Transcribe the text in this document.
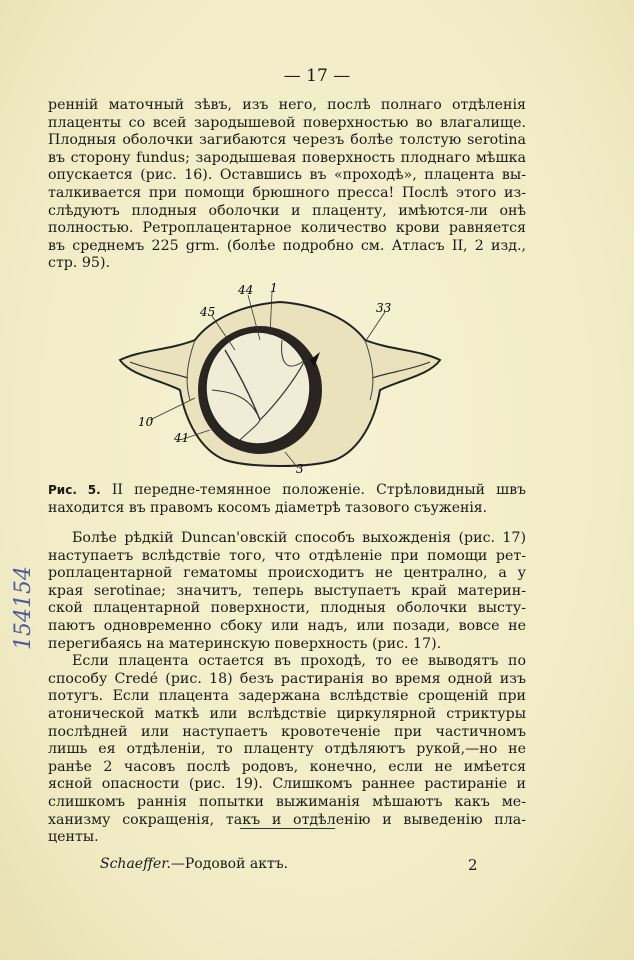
— 17 —
ренній маточный зѣвъ, изъ него, послѣ полнаго отдѣленія
плаценты со всей зародышевой поверхностью во влагалище.
Плодныя оболочки загибаются черезъ болѣе толстую serotina
въ сторону fundus; зародышевая поверхность плоднаго мѣшка
опускается (рис. 16). Оставшись въ «проходѣ», плацента вы-
талкивается при помощи брюшного пресса! Послѣ этого из-
слѣдуютъ плодныя оболочки и плаценту, имѣются-ли онѣ
полностью. Ретроплацентарное количество крови равняется
въ среднемъ 225 grm. (болѣе подробно см. Атласъ II, 2 изд.,
стр. 95).
44 1
45	33
10
41
3
Рис. 5. II передне-темянное положеніе. Стрѣловидный швъ
находится въ правомъ косомъ діаметрѣ тазового съуженія.
Болѣе рѣдкій Duncan'овскій способъ выхожденія (рис. 17)
наступаетъ вслѣдствіе того, что отдѣленіе при помощи рет-
роплацентарной гематомы происходитъ не централно, а у
края serotinae; значитъ, теперь выступаетъ край материн-
ской плацентарной поверхности, плодныя оболочки высту-
паютъ одновременно сбоку или надъ, или позади, вовсе не
перегибаясь на материнскую поверхность (рис. 17).
Если плацента остается въ проходѣ, то ее выводятъ по
способу Credé (рис. 18) безъ растиранія во время одной изъ
потугъ. Если плацента задержана вслѣдствіе срощеній при
атонической маткѣ или вслѣдствіе циркулярной стриктуры
послѣдней или наступаетъ кровотеченіе при частичномъ
лишь ея отдѣленіи, то плаценту отдѣляютъ рукой,—но не
ранѣе 2 часовъ послѣ родовъ, конечно, если не имѣется
ясной опасности (рис. 19). Слишкомъ раннее растираніе и
слишкомъ раннія попытки выжиманія мѣшаютъ какъ ме-
ханизму сокращенія, такъ и отдѣленію и выведенію пла-
центы.
Schaeffer.—Родовой актъ.	2
154154
